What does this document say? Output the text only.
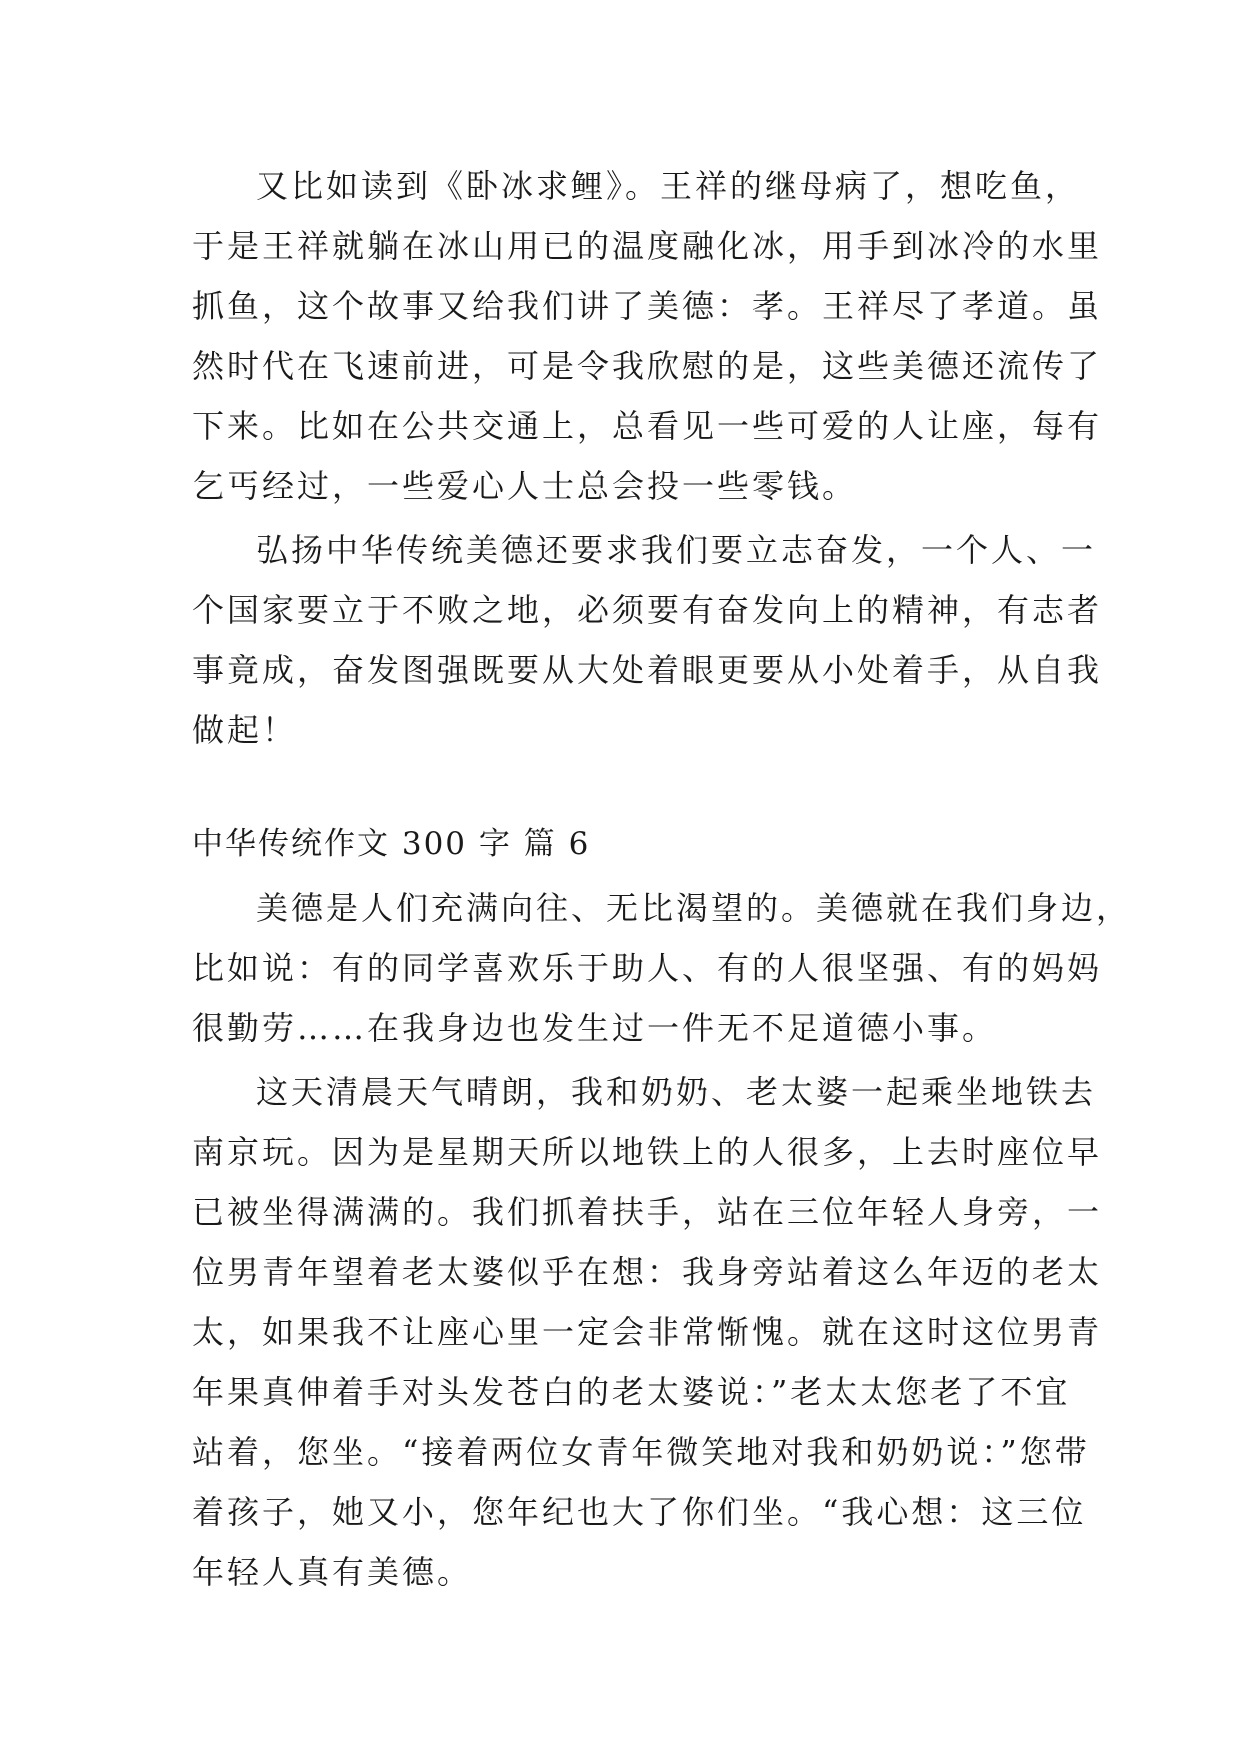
又比如读到《卧冰求鲤》。王祥的继母病了，想吃鱼，
于是王祥就躺在冰山用已的温度融化冰，用手到冰冷的水里
抓鱼，这个故事又给我们讲了美德：孝。王祥尽了孝道。虽
然时代在飞速前进，可是令我欣慰的是，这些美德还流传了
下来。比如在公共交通上，总看见一些可爱的人让座，每有
乞丐经过，一些爱心人士总会投一些零钱。
弘扬中华传统美德还要求我们要立志奋发，一个人、一
个国家要立于不败之地，必须要有奋发向上的精神，有志者
事竟成，奋发图强既要从大处着眼更要从小处着手，从自我
做起！
中华传统作文 300 字 篇 6
美德是人们充满向往、无比渴望的。美德就在我们身边，
比如说：有的同学喜欢乐于助人、有的人很坚强、有的妈妈
很勤劳……在我身边也发生过一件无不足道德小事。
这天清晨天气晴朗，我和奶奶、老太婆一起乘坐地铁去
南京玩。因为是星期天所以地铁上的人很多，上去时座位早
已被坐得满满的。我们抓着扶手，站在三位年轻人身旁，一
位男青年望着老太婆似乎在想：我身旁站着这么年迈的老太
太，如果我不让座心里一定会非常惭愧。就在这时这位男青
年果真伸着手对头发苍白的老太婆说：”老太太您老了不宜
站着，您坐。“接着两位女青年微笑地对我和奶奶说：”您带
着孩子，她又小，您年纪也大了你们坐。“我心想：这三位
年轻人真有美德。
